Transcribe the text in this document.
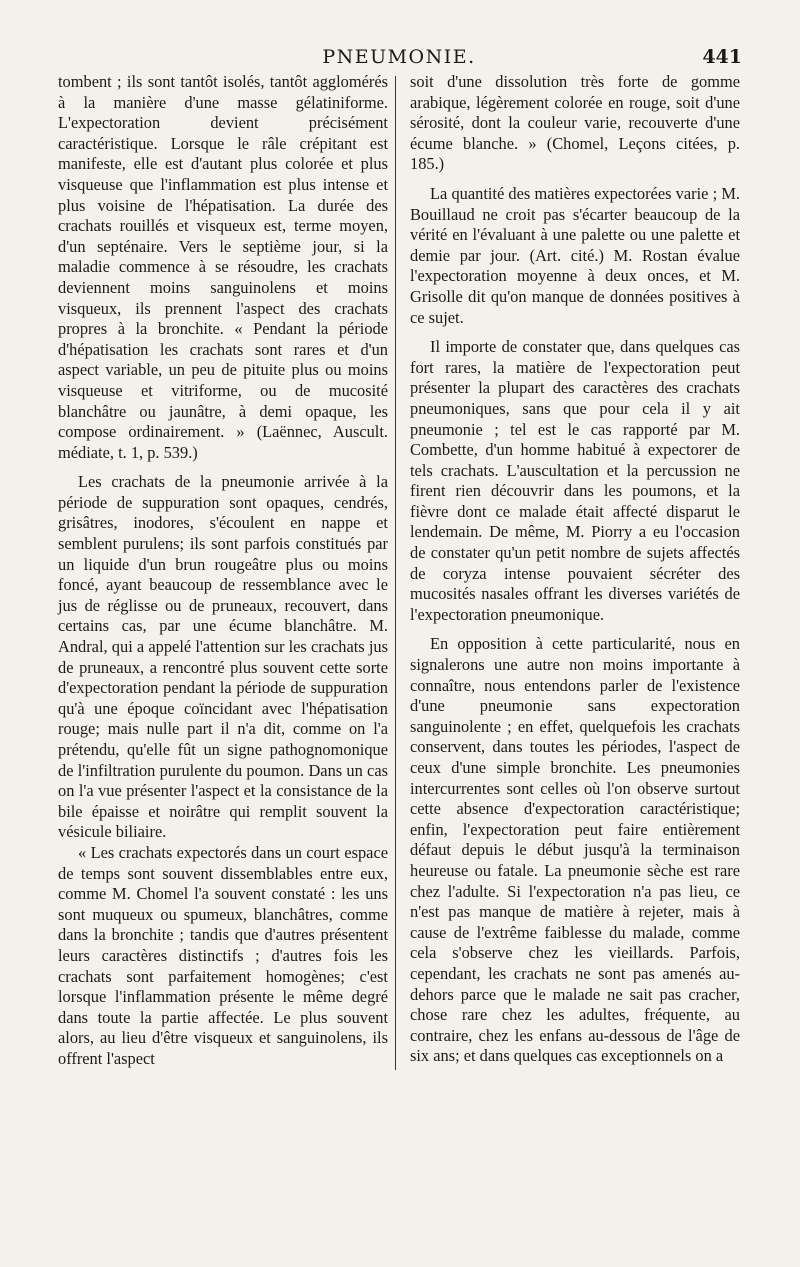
PNEUMONIE.	441

tombent ; ils sont tantôt isolés, tantôt agglomérés à la manière d'une masse gélatiniforme. L'expectoration devient précisément caractéristique. Lorsque le râle crépitant est manifeste, elle est d'autant plus colorée et plus visqueuse que l'inflammation est plus intense et plus voisine de l'hépatisation. La durée des crachats rouillés et visqueux est, terme moyen, d'un septénaire. Vers le septième jour, si la maladie commence à se résoudre, les crachats deviennent moins sanguinolens et moins visqueux, ils prennent l'aspect des crachats propres à la bronchite. « Pendant la période d'hépatisation les crachats sont rares et d'un aspect variable, un peu de pituite plus ou moins visqueuse et vitriforme, ou de mucosité blanchâtre ou jaunâtre, à demi opaque, les compose ordinairement. » (Laënnec, Auscult. médiate, t. 1, p. 539.)

Les crachats de la pneumonie arrivée à la période de suppuration sont opaques, cendrés, grisâtres, inodores, s'écoulent en nappe et semblent purulens; ils sont parfois constitués par un liquide d'un brun rougeâtre plus ou moins foncé, ayant beaucoup de ressemblance avec le jus de réglisse ou de pruneaux, recouvert, dans certains cas, par une écume blanchâtre. M. Andral, qui a appelé l'attention sur les crachats jus de pruneaux, a rencontré plus souvent cette sorte d'expectoration pendant la période de suppuration qu'à une époque coïncidant avec l'hépatisation rouge; mais nulle part il n'a dit, comme on l'a prétendu, qu'elle fût un signe pathognomonique de l'infiltration purulente du poumon. Dans un cas on l'a vue présenter l'aspect et la consistance de la bile épaisse et noirâtre qui remplit souvent la vésicule biliaire.

« Les crachats expectorés dans un court espace de temps sont souvent dissemblables entre eux, comme M. Chomel l'a souvent constaté : les uns sont muqueux ou spumeux, blanchâtres, comme dans la bronchite ; tandis que d'autres présentent leurs caractères distinctifs ; d'autres fois les crachats sont parfaitement homogènes; c'est lorsque l'inflammation présente le même degré dans toute la partie affectée. Le plus souvent alors, au lieu d'être visqueux et sanguinolens, ils offrent l'aspect

soit d'une dissolution très forte de gomme arabique, légèrement colorée en rouge, soit d'une sérosité, dont la couleur varie, recouverte d'une écume blanche. » (Chomel, Leçons citées, p. 185.)

La quantité des matières expectorées varie ; M. Bouillaud ne croit pas s'écarter beaucoup de la vérité en l'évaluant à une palette ou une palette et demie par jour. (Art. cité.) M. Rostan évalue l'expectoration moyenne à deux onces, et M. Grisolle dit qu'on manque de données positives à ce sujet.

Il importe de constater que, dans quelques cas fort rares, la matière de l'expectoration peut présenter la plupart des caractères des crachats pneumoniques, sans que pour cela il y ait pneumonie ; tel est le cas rapporté par M. Combette, d'un homme habitué à expectorer de tels crachats. L'auscultation et la percussion ne firent rien découvrir dans les poumons, et la fièvre dont ce malade était affecté disparut le lendemain. De même, M. Piorry a eu l'occasion de constater qu'un petit nombre de sujets affectés de coryza intense pouvaient sécréter des mucosités nasales offrant les diverses variétés de l'expectoration pneumonique.

En opposition à cette particularité, nous en signalerons une autre non moins importante à connaître, nous entendons parler de l'existence d'une pneumonie sans expectoration sanguinolente ; en effet, quelquefois les crachats conservent, dans toutes les périodes, l'aspect de ceux d'une simple bronchite. Les pneumonies intercurrentes sont celles où l'on observe surtout cette absence d'expectoration caractéristique; enfin, l'expectoration peut faire entièrement défaut depuis le début jusqu'à la terminaison heureuse ou fatale. La pneumonie sèche est rare chez l'adulte. Si l'expectoration n'a pas lieu, ce n'est pas manque de matière à rejeter, mais à cause de l'extrême faiblesse du malade, comme cela s'observe chez les vieillards. Parfois, cependant, les crachats ne sont pas amenés au-dehors parce que le malade ne sait pas cracher, chose rare chez les adultes, fréquente, au contraire, chez les enfans au-dessous de l'âge de six ans; et dans quelques cas exceptionnels on a
